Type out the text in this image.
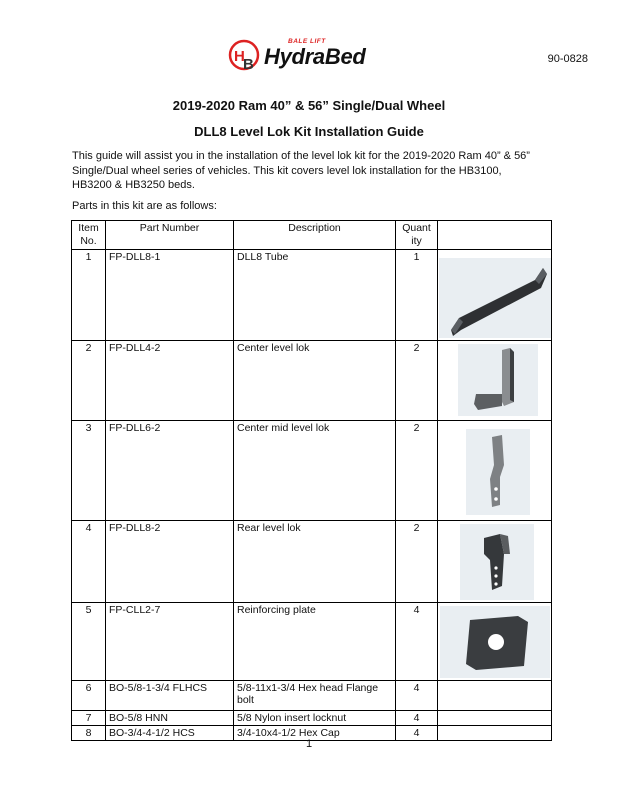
H
B
BALE LIFT
HydraBed	90-0828
2019-2020 Ram 40” & 56” Single/Dual Wheel
DLL8 Level Lok Kit Installation Guide
This guide will assist you in the installation of the level lok kit for the 2019-2020 Ram 40” & 56” Single/Dual wheel series of vehicles. This kit covers level lok installation for the HB3100, HB3200 & HB3250 beds.
Parts in this kit are as follows:
Item
No.	Part Number	Description	Quant
ity	
1	FP-DLL8-1	DLL8 Tube	1	

2	FP-DLL4-2	Center level lok	2	

3	FP-DLL6-2	Center mid level lok	2	

4	FP-DLL8-2	Rear level lok	2	

5	FP-CLL2-7	Reinforcing plate	4	

6	BO-5/8-1-3/4 FLHCS	5/8-11x1-3/4 Hex head Flange bolt	4	
7	BO-5/8 HNN	5/8 Nylon insert locknut	4	
8	BO-3/4-4-1/2 HCS	3/4-10x4-1/2 Hex Cap	4	
1
